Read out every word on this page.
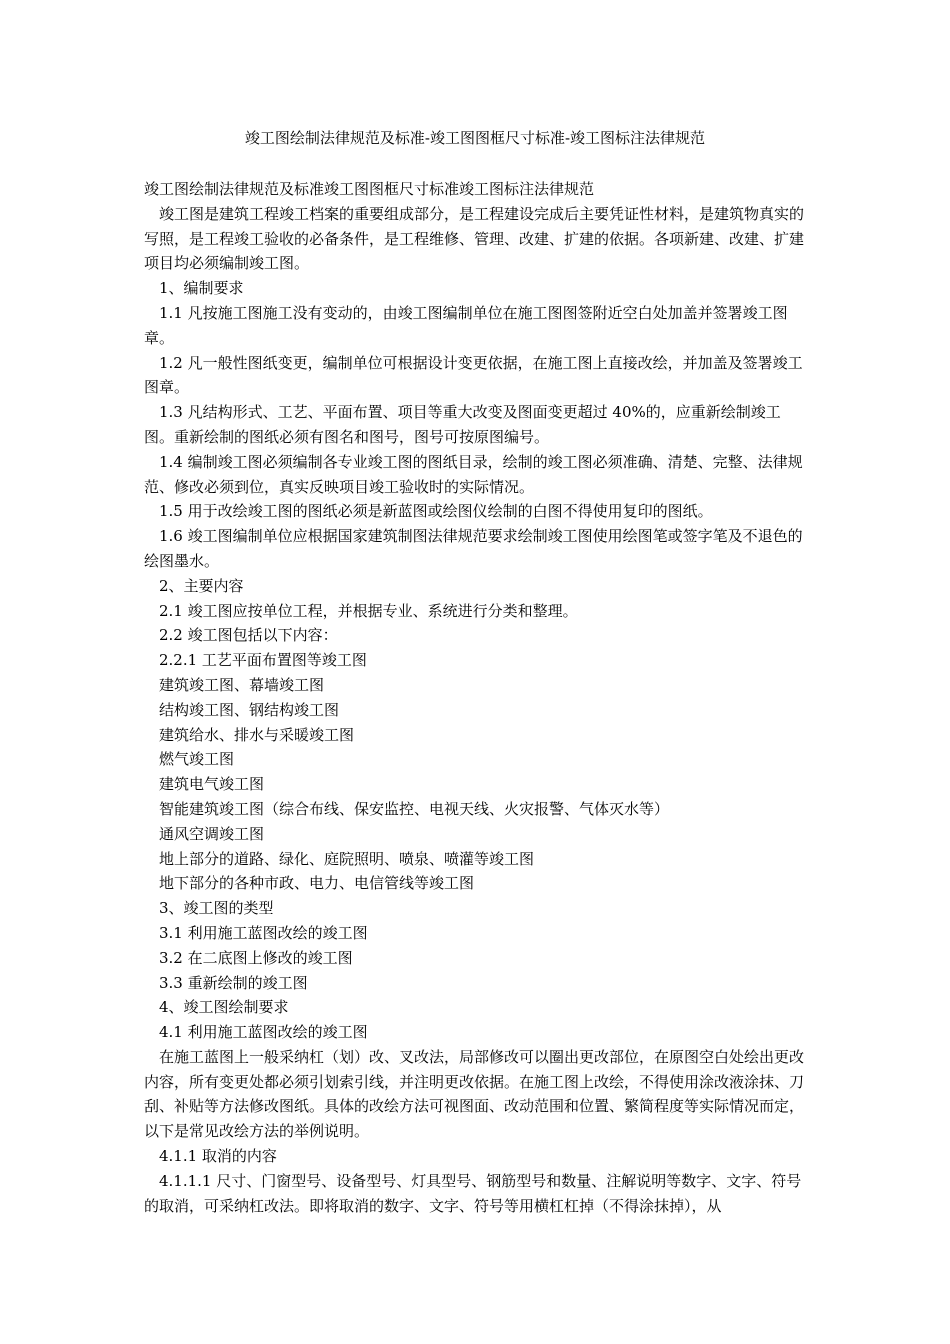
竣工图绘制法律规范及标准-竣工图图框尺寸标准-竣工图标注法律规范

竣工图绘制法律规范及标准竣工图图框尺寸标准竣工图标注法律规范

竣工图是建筑工程竣工档案的重要组成部分，是工程建设完成后主要凭证性材料，是建筑物真实的写照，是工程竣工验收的必备条件，是工程维修、管理、改建、扩建的依据。各项新建、改建、扩建项目均必须编制竣工图。

1、编制要求

1.1 凡按施工图施工没有变动的，由竣工图编制单位在施工图图签附近空白处加盖并签署竣工图章。

1.2 凡一般性图纸变更，编制单位可根据设计变更依据，在施工图上直接改绘，并加盖及签署竣工图章。

1.3 凡结构形式、工艺、平面布置、项目等重大改变及图面变更超过 40%的，应重新绘制竣工图。重新绘制的图纸必须有图名和图号，图号可按原图编号。

1.4 编制竣工图必须编制各专业竣工图的图纸目录，绘制的竣工图必须准确、清楚、完整、法律规范、修改必须到位，真实反映项目竣工验收时的实际情况。

1.5 用于改绘竣工图的图纸必须是新蓝图或绘图仪绘制的白图不得使用复印的图纸。

1.6 竣工图编制单位应根据国家建筑制图法律规范要求绘制竣工图使用绘图笔或签字笔及不退色的绘图墨水。

2、主要内容

2.1 竣工图应按单位工程，并根据专业、系统进行分类和整理。

2.2 竣工图包括以下内容：

2.2.1 工艺平面布置图等竣工图

建筑竣工图、幕墙竣工图

结构竣工图、钢结构竣工图

建筑给水、排水与采暖竣工图

燃气竣工图

建筑电气竣工图

智能建筑竣工图（综合布线、保安监控、电视天线、火灾报警、气体灭水等）

通风空调竣工图

地上部分的道路、绿化、庭院照明、喷泉、喷灌等竣工图

地下部分的各种市政、电力、电信管线等竣工图

3、竣工图的类型

3.1 利用施工蓝图改绘的竣工图

3.2 在二底图上修改的竣工图

3.3 重新绘制的竣工图

4、竣工图绘制要求

4.1 利用施工蓝图改绘的竣工图

在施工蓝图上一般采纳杠（划）改、叉改法，局部修改可以圈出更改部位，在原图空白处绘出更改内容，所有变更处都必须引划索引线，并注明更改依据。在施工图上改绘，不得使用涂改液涂抹、刀刮、补贴等方法修改图纸。具体的改绘方法可视图面、改动范围和位置、繁简程度等实际情况而定，以下是常见改绘方法的举例说明。

4.1.1 取消的内容

4.1.1.1 尺寸、门窗型号、设备型号、灯具型号、钢筋型号和数量、注解说明等数字、文字、符号的取消，可采纳杠改法。即将取消的数字、文字、符号等用横杠杠掉（不得涂抹掉），从
